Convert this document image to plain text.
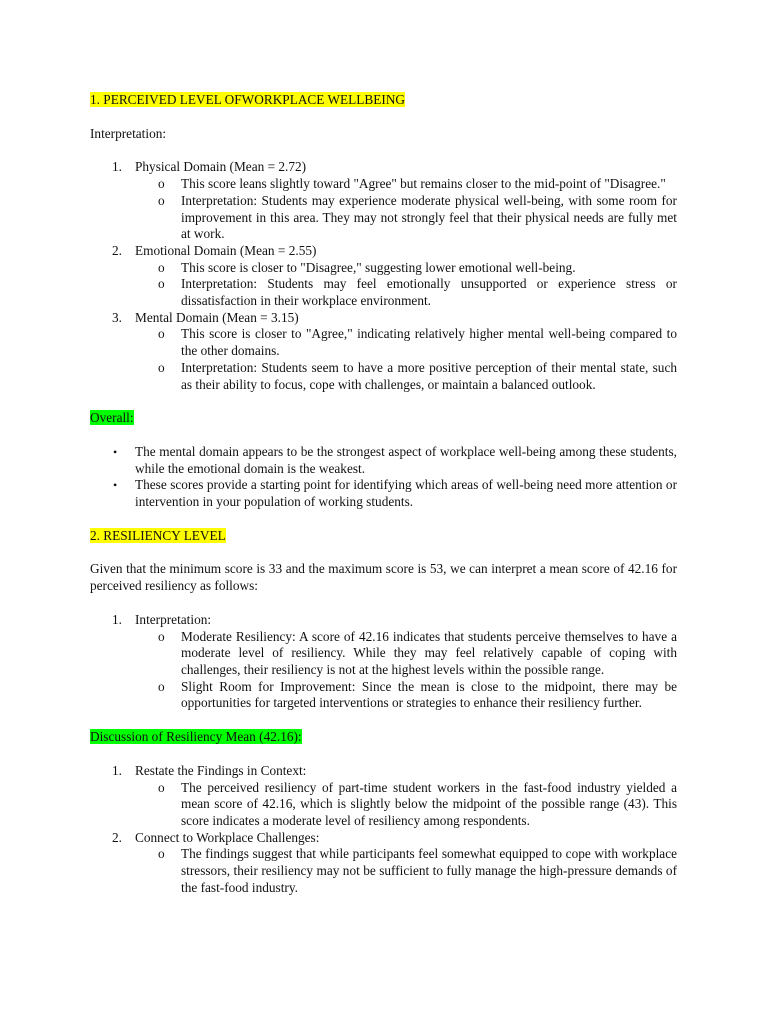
1. PERCEIVED LEVEL OFWORKPLACE WELLBEING

Interpretation:

1. Physical Domain (Mean = 2.72)
o This score leans slightly toward "Agree" but remains closer to the mid-point of "Disagree."
o Interpretation: Students may experience moderate physical well-being, with some room for improvement in this area. They may not strongly feel that their physical needs are fully met at work.
2. Emotional Domain (Mean = 2.55)
o This score is closer to "Disagree," suggesting lower emotional well-being.
o Interpretation: Students may feel emotionally unsupported or experience stress or dissatisfaction in their workplace environment.
3. Mental Domain (Mean = 3.15)
o This score is closer to "Agree," indicating relatively higher mental well-being compared to the other domains.
o Interpretation: Students seem to have a more positive perception of their mental state, such as their ability to focus, cope with challenges, or maintain a balanced outlook.

Overall:

• The mental domain appears to be the strongest aspect of workplace well-being among these students, while the emotional domain is the weakest.
• These scores provide a starting point for identifying which areas of well-being need more attention or intervention in your population of working students.

2. RESILIENCY LEVEL

Given that the minimum score is 33 and the maximum score is 53, we can interpret a mean score of 42.16 for perceived resiliency as follows:

1. Interpretation:
o Moderate Resiliency: A score of 42.16 indicates that students perceive themselves to have a moderate level of resiliency. While they may feel relatively capable of coping with challenges, their resiliency is not at the highest levels within the possible range.
o Slight Room for Improvement: Since the mean is close to the midpoint, there may be opportunities for targeted interventions or strategies to enhance their resiliency further.

Discussion of Resiliency Mean (42.16):

1. Restate the Findings in Context:
o The perceived resiliency of part-time student workers in the fast-food industry yielded a mean score of 42.16, which is slightly below the midpoint of the possible range (43). This score indicates a moderate level of resiliency among respondents.
2. Connect to Workplace Challenges:
o The findings suggest that while participants feel somewhat equipped to cope with workplace stressors, their resiliency may not be sufficient to fully manage the high-pressure demands of the fast-food industry.
